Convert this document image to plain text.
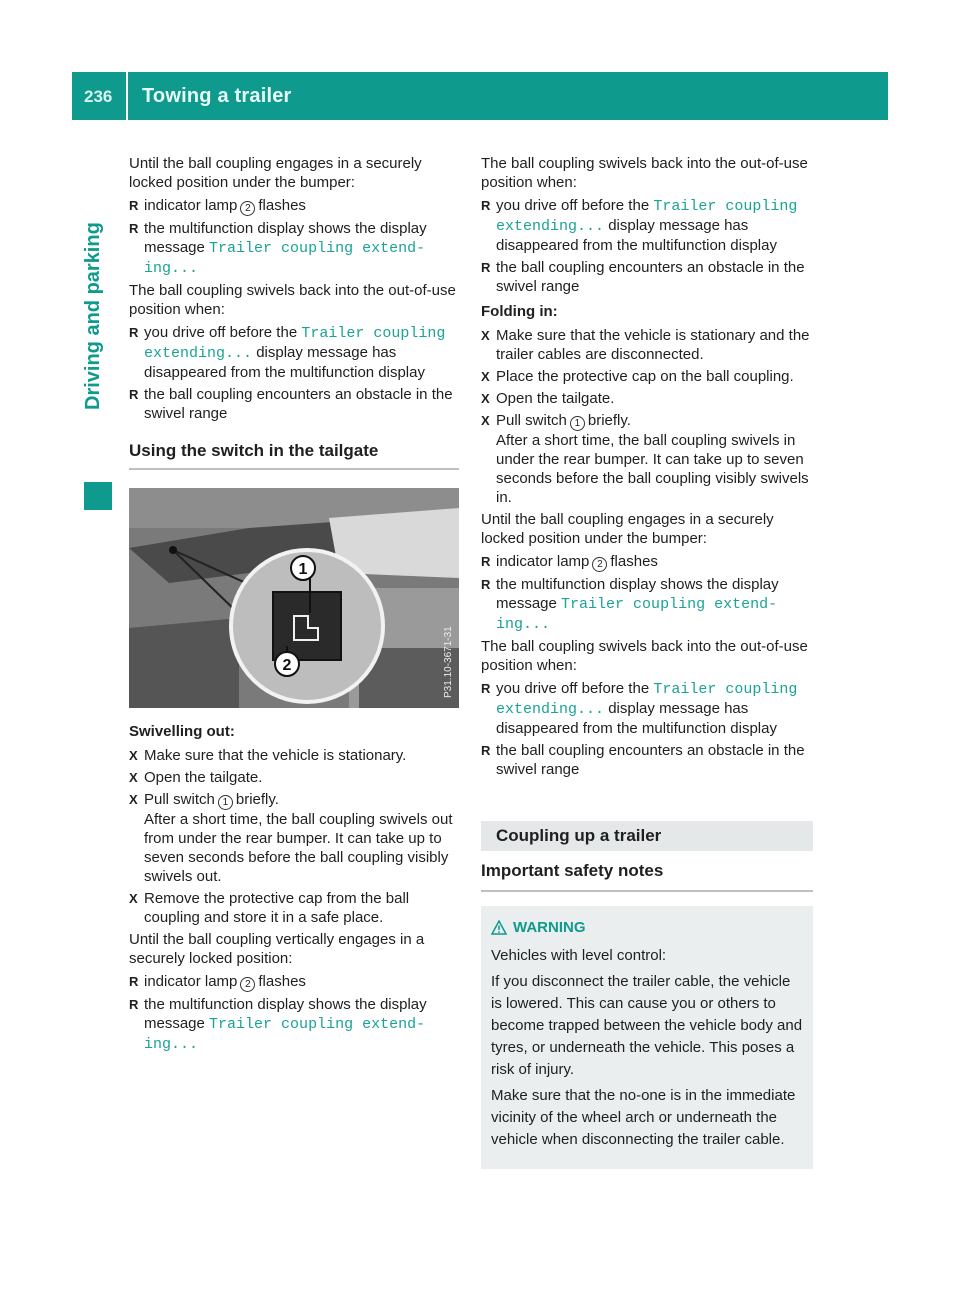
236	Towing a trailer
Driving and parking

Until the ball coupling engages in a securely locked position under the bumper:

R indicator lamp 2 flashes
R the multifunction display shows the display message Trailer coupling extend‐ ing...

The ball coupling swivels back into the out-of-use position when:

R you drive off before the Trailer coupling extending... display message has disappeared from the multifunction display
R the ball coupling encounters an obstacle in the swivel range
Using the switch in the tailgate
1
2	P31.10-3671-31

Swivelling out:

X Make sure that the vehicle is stationary.
X Open the tailgate.
X Pull switch 1 briefly.
After a short time, the ball coupling swivels out from under the rear bumper. It can take up to seven seconds before the ball coupling visibly swivels out.
X Remove the protective cap from the ball coupling and store it in a safe place.

Until the ball coupling vertically engages in a securely locked position:

R indicator lamp 2 flashes
R the multifunction display shows the display message Trailer coupling extend‐ ing...

The ball coupling swivels back into the out-of-use position when:

R you drive off before the Trailer coupling extending... display message has disappeared from the multifunction display
R the ball coupling encounters an obstacle in the swivel range

Folding in:

X Make sure that the vehicle is stationary and the trailer cables are disconnected.
X Place the protective cap on the ball coupling.
X Open the tailgate.
X Pull switch 1 briefly.
After a short time, the ball coupling swivels in under the rear bumper. It can take up to seven seconds before the ball coupling visibly swivels in.

Until the ball coupling engages in a securely locked position under the bumper:

R indicator lamp 2 flashes
R the multifunction display shows the display message Trailer coupling extend‐ ing...

The ball coupling swivels back into the out-of-use position when:

R you drive off before the Trailer coupling extending... display message has disappeared from the multifunction display
R the ball coupling encounters an obstacle in the swivel range
Coupling up a trailer
Important safety notes
WARNING

Vehicles with level control:

If you disconnect the trailer cable, the vehicle is lowered. This can cause you or others to become trapped between the vehicle body and tyres, or underneath the vehicle. This poses a risk of injury.

Make sure that the no-one is in the immediate vicinity of the wheel arch or underneath the vehicle when disconnecting the trailer cable.
